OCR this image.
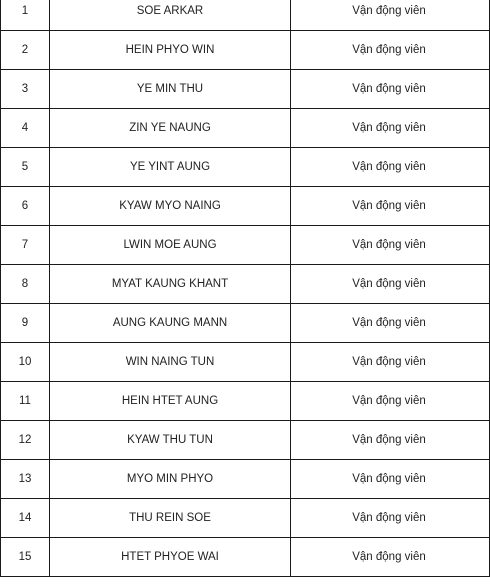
1	SOE ARKAR	Vận động viên
2	HEIN PHYO WIN	Vận động viên
3	YE MIN THU	Vận động viên
4	ZIN YE NAUNG	Vận động viên
5	YE YINT AUNG	Vận động viên
6	KYAW MYO NAING	Vận động viên
7	LWIN MOE AUNG	Vận động viên
8	MYAT KAUNG KHANT	Vận động viên
9	AUNG KAUNG MANN	Vận động viên
10	WIN NAING TUN	Vận động viên
11	HEIN HTET AUNG	Vận động viên
12	KYAW THU TUN	Vận động viên
13	MYO MIN PHYO	Vận động viên
14	THU REIN SOE	Vận động viên
15	HTET PHYOE WAI	Vận động viên
